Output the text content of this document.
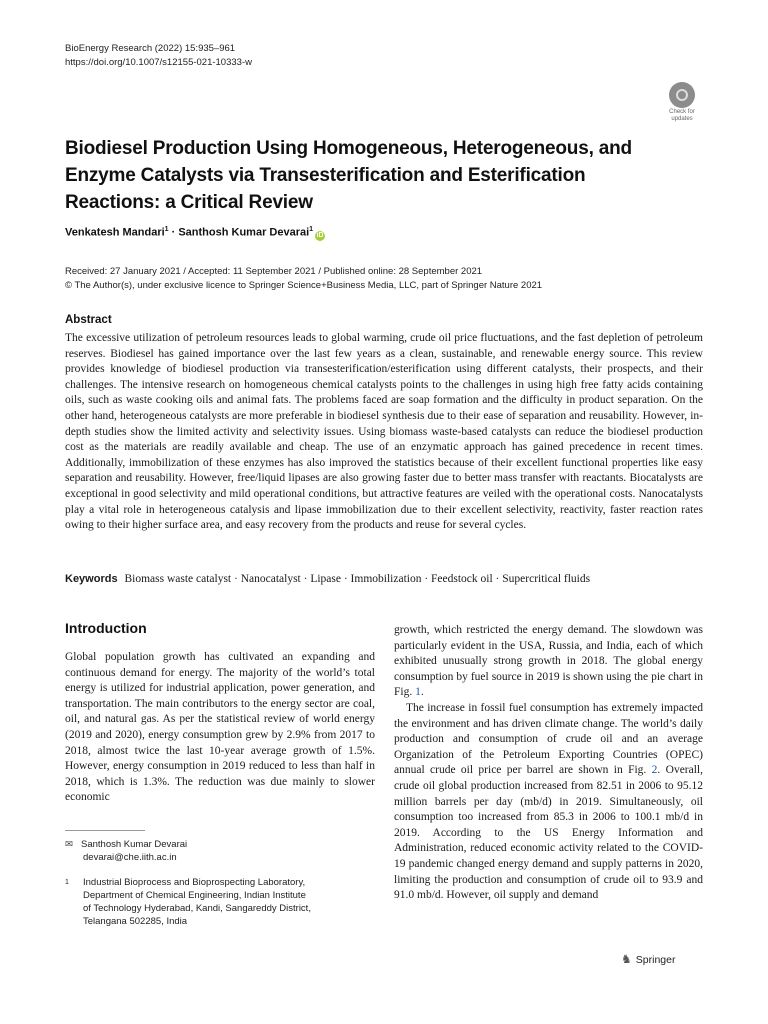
BioEnergy Research (2022) 15:935–961
https://doi.org/10.1007/s12155-021-10333-w
Check for
updates
Biodiesel Production Using Homogeneous, Heterogeneous, and Enzyme Catalysts via Transesterification and Esterification Reactions: a Critical Review
Venkatesh Mandari$^1$ · Santhosh Kumar Devarai$^1$iD
Received: 27 January 2021 / Accepted: 11 September 2021 / Published online: 28 September 2021
© The Author(s), under exclusive licence to Springer Science+Business Media, LLC, part of Springer Nature 2021
Abstract
The excessive utilization of petroleum resources leads to global warming, crude oil price fluctuations, and the fast depletion of petroleum reserves. Biodiesel has gained importance over the last few years as a clean, sustainable, and renewable energy source. This review provides knowledge of biodiesel production via transesterification/esterification using different catalysts, their prospects, and their challenges. The intensive research on homogeneous chemical catalysts points to the challenges in using high free fatty acids containing oils, such as waste cooking oils and animal fats. The problems faced are soap formation and the difficulty in product separation. On the other hand, heterogeneous catalysts are more preferable in biodiesel synthesis due to their ease of separation and reusability. However, in-depth studies show the limited activity and selectivity issues. Using biomass waste-based catalysts can reduce the biodiesel production cost as the materials are readily available and cheap. The use of an enzymatic approach has gained precedence in recent times. Additionally, immobilization of these enzymes has also improved the statistics because of their excellent functional properties like easy separation and reusability. However, free/liquid lipases are also growing faster due to better mass transfer with reactants. Biocatalysts are exceptional in good selectivity and mild operational conditions, but attractive features are veiled with the operational costs. Nanocatalysts play a vital role in heterogeneous catalysis and lipase immobilization due to their excellent selectivity, reactivity, faster reaction rates owing to their higher surface area, and easy recovery from the products and reuse for several cycles.
Keywords Biomass waste catalyst · Nanocatalyst · Lipase · Immobilization · Feedstock oil · Supercritical fluids
Introduction

Global population growth has cultivated an expanding and continuous demand for energy. The majority of the world’s total energy is utilized for industrial application, power generation, and transportation. The main contributors to the energy sector are coal, oil, and natural gas. As per the statistical review of world energy (2019 and 2020), energy consumption grew by 2.9% from 2017 to 2018, almost twice the last 10-year average growth of 1.5%. However, energy consumption in 2019 reduced to less than half in 2018, which is 1.3%. The reduction was due mainly to slower economic

✉ Santhosh Kumar Devarai
devarai@che.iith.ac.in
1	Industrial Bioprocess and Bioprospecting Laboratory,
Department of Chemical Engineering, Indian Institute
of Technology Hyderabad, Kandi, Sangareddy District,
Telangana 502285, India

growth, which restricted the energy demand. The slowdown was particularly evident in the USA, Russia, and India, each of which exhibited unusually strong growth in 2018. The global energy consumption by fuel source in 2019 is shown using the pie chart in Fig. 1.

The increase in fossil fuel consumption has extremely impacted the environment and has driven climate change. The world’s daily production and consumption of crude oil and an average Organization of the Petroleum Exporting Countries (OPEC) annual crude oil price per barrel are shown in Fig. 2. Overall, crude oil global production increased from 82.51 in 2006 to 95.12 million barrels per day (mb/d) in 2019. Simultaneously, oil consumption too increased from 85.3 in 2006 to 100.1 mb/d in 2019. According to the US Energy Information and Administration, reduced economic activity related to the COVID-19 pandemic changed energy demand and supply patterns in 2020, limiting the production and consumption of crude oil to 93.9 and 91.0 mb/d. However, oil supply and demand

♞ Springer
